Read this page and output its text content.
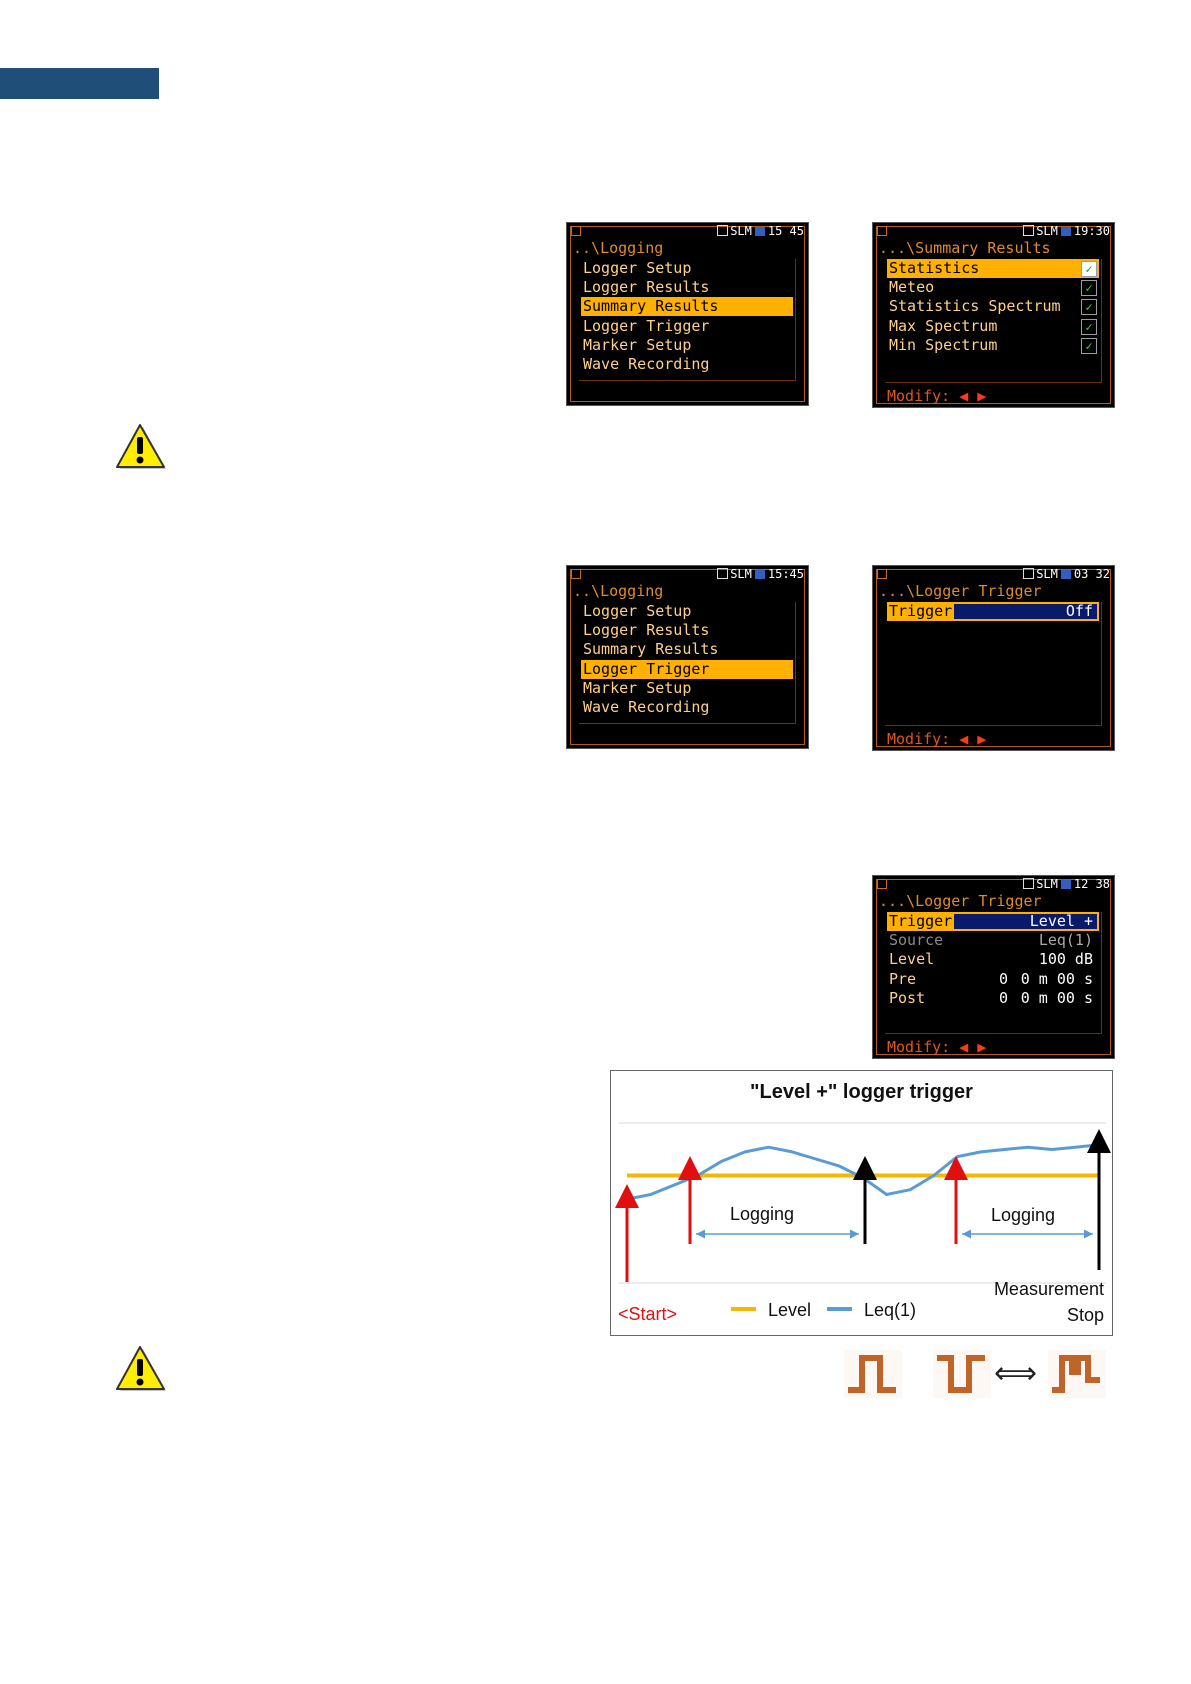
SLM 15 45
..\Logging
Logger Setup
Logger Results
Summary Results
Logger Trigger
Marker Setup
Wave Recording
SLM 19:30
...\Summary Results
Statistics	✓
Meteo	✓
Statistics Spectrum	✓
Max Spectrum	✓
Min Spectrum	✓
Modify: ◀ ▶
SLM 15:45
..\Logging
Logger Setup
Logger Results
Summary Results
Logger Trigger
Marker Setup
Wave Recording
SLM 03 32
...\Logger Trigger
Trigger	Off
Modify: ◀ ▶
SLM 12 38
...\Logger Trigger
Trigger	Level +
Source	Leq(1)
Level	100 dB
Pre	0 0 m 00 s
Post	0 0 m 00 s
Modify: ◀ ▶
"Level +" logger trigger
Logging	Logging
<Start>	Level	Leq(1)
Measurement
Stop
⟺
